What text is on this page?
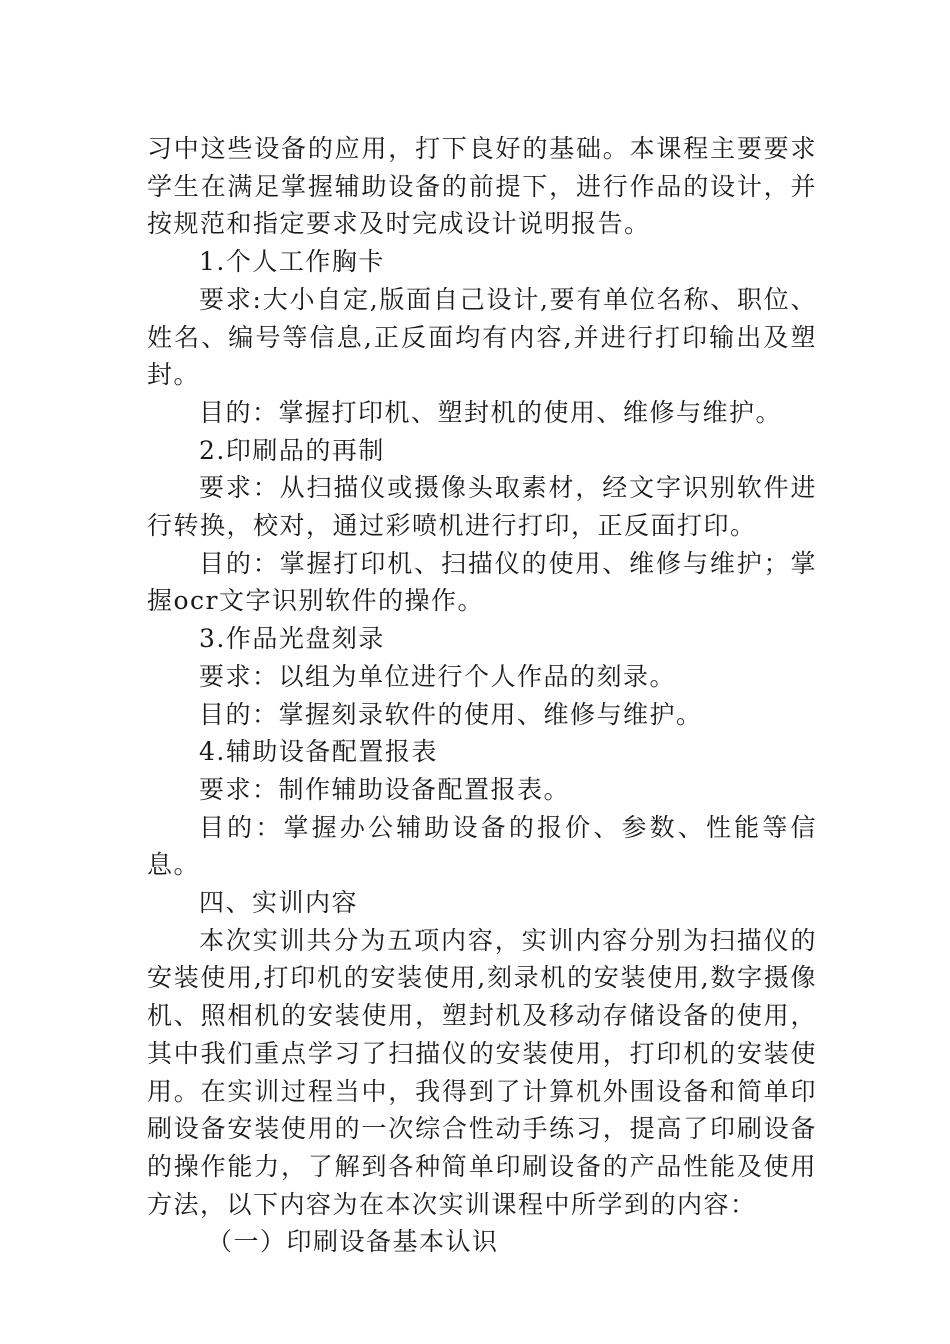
习中这些设备的应用，打下良好的基础。本课程主要要求学生在满足掌握辅助设备的前提下，进行作品的设计，并按规范和指定要求及时完成设计说明报告。

1.个人工作胸卡

要求:大小自定,版面自己设计,要有单位名称、职位、姓名、编号等信息,正反面均有内容,并进行打印输出及塑封。

目的：掌握打印机、塑封机的使用、维修与维护。

2.印刷品的再制

要求：从扫描仪或摄像头取素材，经文字识别软件进行转换，校对，通过彩喷机进行打印，正反面打印。

目的：掌握打印机、扫描仪的使用、维修与维护；掌握ocr文字识别软件的操作。

3.作品光盘刻录

要求：以组为单位进行个人作品的刻录。

目的：掌握刻录软件的使用、维修与维护。

4.辅助设备配置报表

要求：制作辅助设备配置报表。

目的：掌握办公辅助设备的报价、参数、性能等信息。

四、实训内容

本次实训共分为五项内容，实训内容分别为扫描仪的安装使用,打印机的安装使用,刻录机的安装使用,数字摄像机、照相机的安装使用，塑封机及移动存储设备的使用，其中我们重点学习了扫描仪的安装使用，打印机的安装使用。在实训过程当中，我得到了计算机外围设备和简单印刷设备安装使用的一次综合性动手练习，提高了印刷设备的操作能力，了解到各种简单印刷设备的产品性能及使用方法，以下内容为在本次实训课程中所学到的内容：

（一）印刷设备基本认识
